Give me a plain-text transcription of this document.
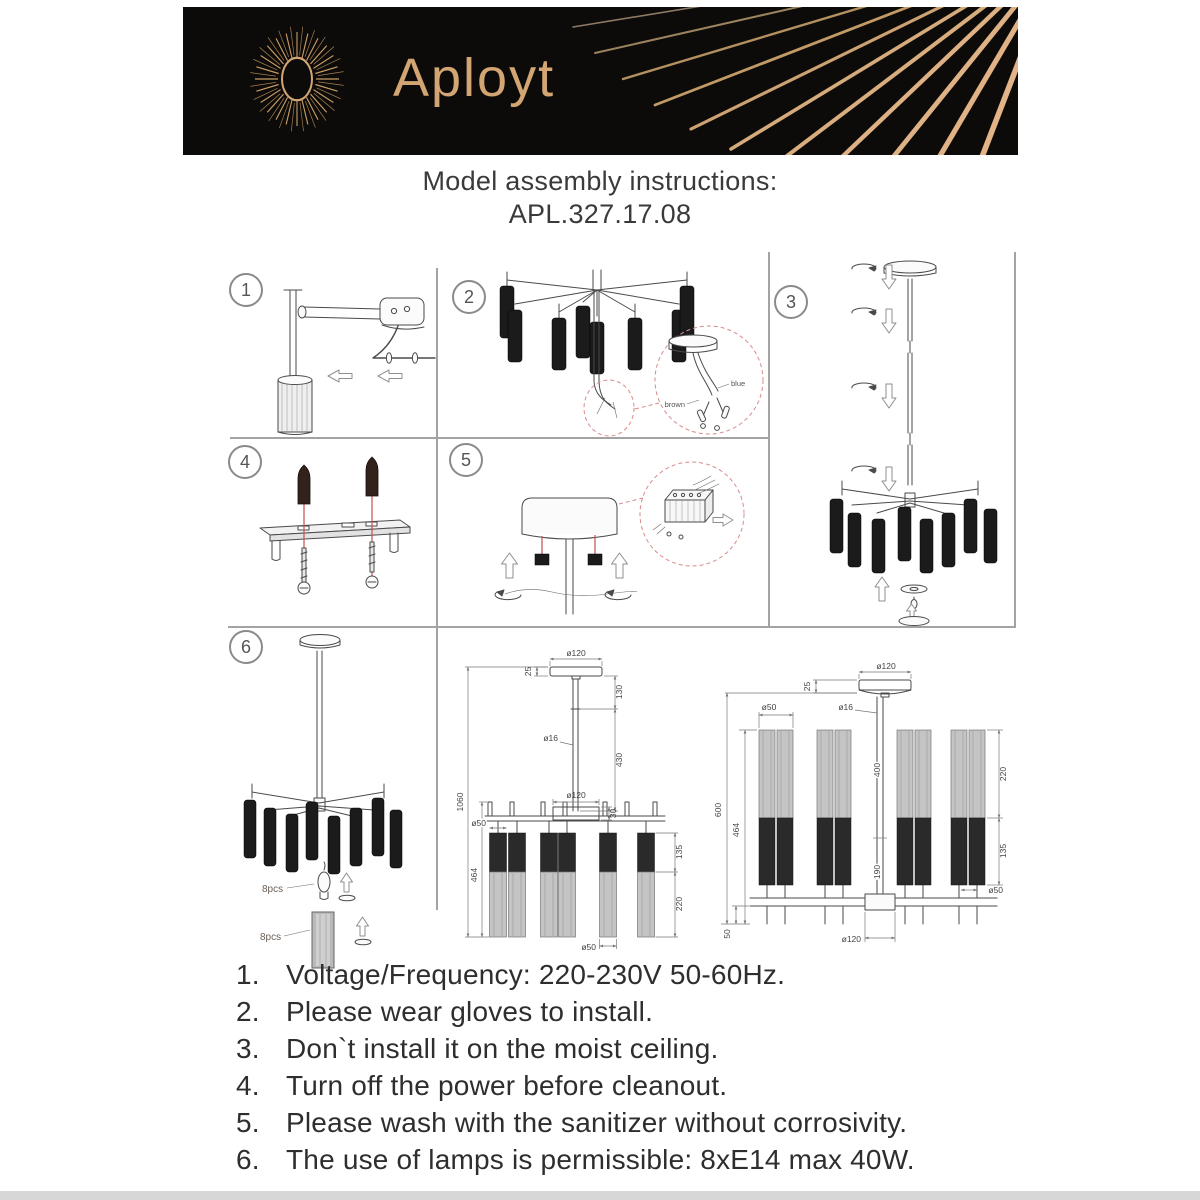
Aployt
Model assembly instructions:
APL.327.17.08
1	2	3
4	5
6
blue
brown
8pcs
8pcs
ø120
25
130
ø16
430
ø120
30
1060
464
ø50
135
220
ø50
ø120
25
ø16
ø50
400
190
600
464
50
220
135
ø50
ø120
1. Voltage/Frequency: 220-230V 50-60Hz.
2. Please wear gloves to install.
3. Don`t install it on the moist ceiling.
4. Turn off the power before cleanout.
5. Please wash with the sanitizer without corrosivity.
6. The use of lamps is permissible: 8xE14 max 40W.
